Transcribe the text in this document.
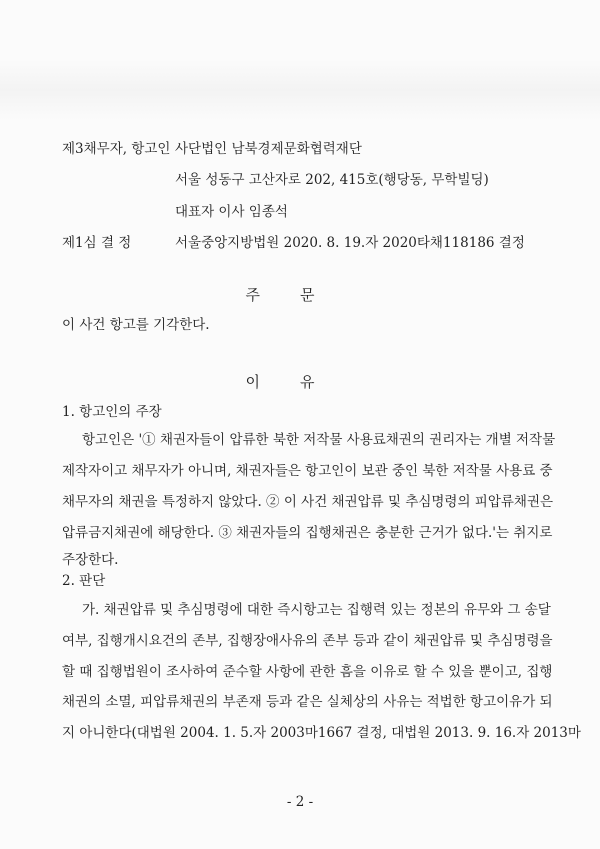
제3채무자, 항고인 사단법인 남북경제문화협력재단
서울 성동구 고산자로 202, 415호(행당동, 무학빌딩)
대표자 이사 임종석
제1심 결 정	서울중앙지방법원 2020. 8. 19.자 2020타채118186 결정
주문
이 사건 항고를 기각한다.
이유
1. 항고인의 주장
항고인은 '① 채권자들이 압류한 북한 저작물 사용료채권의 권리자는 개별 저작물
제작자이고 채무자가 아니며, 채권자들은 항고인이 보관 중인 북한 저작물 사용료 중
채무자의 채권을 특정하지 않았다. ② 이 사건 채권압류 및 추심명령의 피압류채권은
압류금지채권에 해당한다. ③ 채권자들의 집행채권은 충분한 근거가 없다.'는 취지로
주장한다.
2. 판단
가. 채권압류 및 추심명령에 대한 즉시항고는 집행력 있는 정본의 유무와 그 송달
여부, 집행개시요건의 존부, 집행장애사유의 존부 등과 같이 채권압류 및 추심명령을
할 때 집행법원이 조사하여 준수할 사항에 관한 흠을 이유로 할 수 있을 뿐이고, 집행
채권의 소멸, 피압류채권의 부존재 등과 같은 실체상의 사유는 적법한 항고이유가 되
지 아니한다(대법원 2004. 1. 5.자 2003마1667 결정, 대법원 2013. 9. 16.자 2013마
- 2 -
